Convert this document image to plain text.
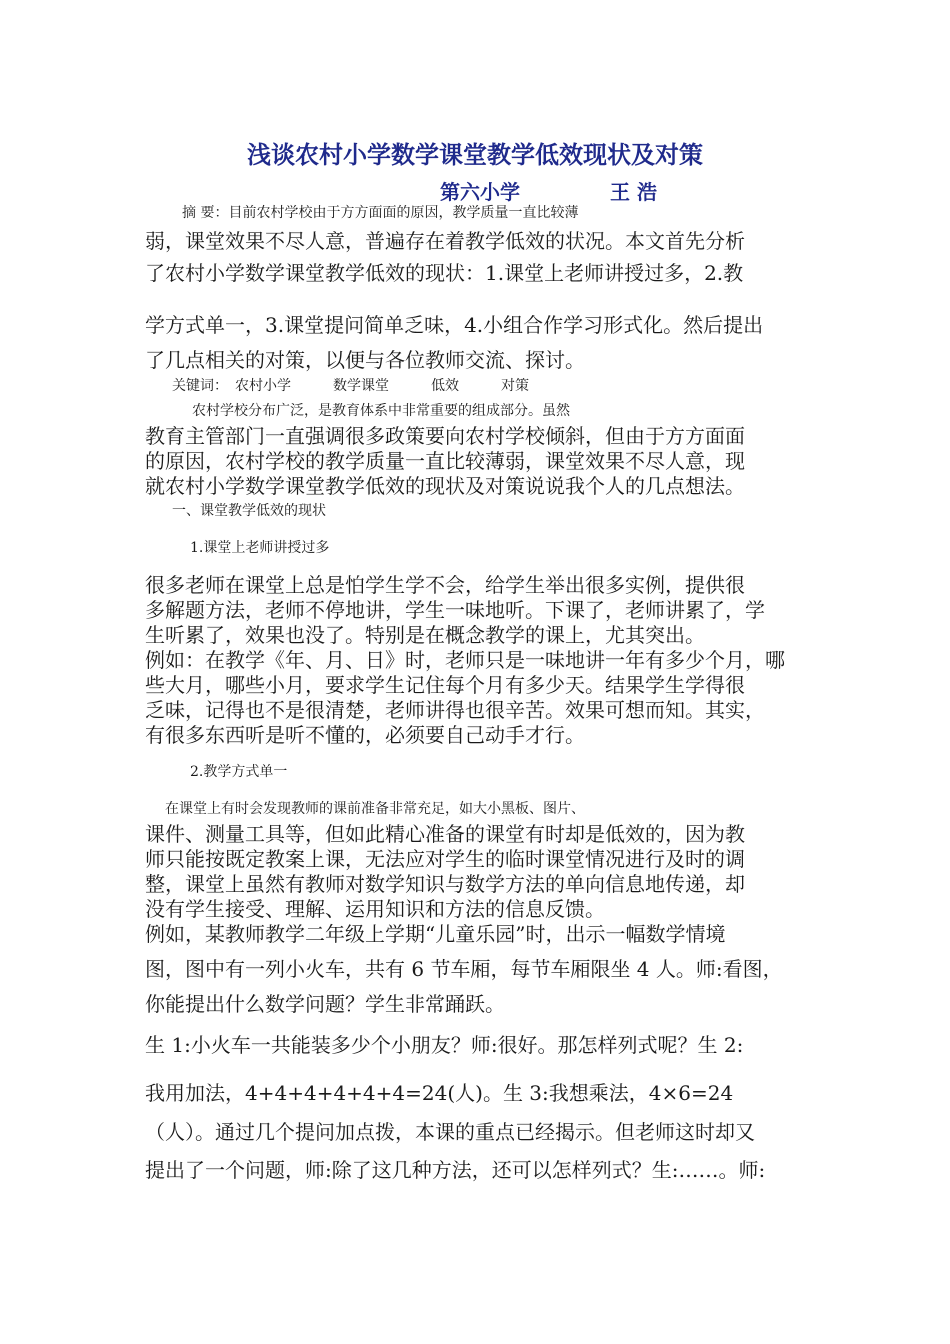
浅谈农村小学数学课堂教学低效现状及对策
第六小学	王 浩
　摘 要：目前农村学校由于方方面面的原因，教学质量一直比较薄
弱，课堂效果不尽人意，普遍存在着教学低效的状况。本文首先分析
了农村小学数学课堂教学低效的现状：1.课堂上老师讲授过多，2.教
学方式单一，3.课堂提问简单乏味，4.小组合作学习形式化。然后提出
了几点相关的对策，以便与各位教师交流、探讨。
关键词：　农村小学　　　数学课堂　　　低效　　　对策
　农村学校分布广泛，是教育体系中非常重要的组成部分。虽然
教育主管部门一直强调很多政策要向农村学校倾斜，但由于方方面面
的原因，农村学校的教学质量一直比较薄弱，课堂效果不尽人意，现
就农村小学数学课堂教学低效的现状及对策说说我个人的几点想法。
一、课堂教学低效的现状
1.课堂上老师讲授过多
很多老师在课堂上总是怕学生学不会，给学生举出很多实例，提供很
多解题方法，老师不停地讲，学生一味地听。下课了，老师讲累了，学
生听累了，效果也没了。特别是在概念教学的课上，尤其突出。
例如：在教学《年、月、日》时，老师只是一味地讲一年有多少个月，哪
些大月，哪些小月，要求学生记住每个月有多少天。结果学生学得很
乏味，记得也不是很清楚，老师讲得也很辛苦。效果可想而知。其实，
有很多东西听是听不懂的，必须要自己动手才行。
2.教学方式单一
在课堂上有时会发现教师的课前准备非常充足，如大小黑板、图片、
课件、测量工具等，但如此精心准备的课堂有时却是低效的，因为教
师只能按既定教案上课，无法应对学生的临时课堂情况进行及时的调
整，课堂上虽然有教师对数学知识与数学方法的单向信息地传递，却
没有学生接受、理解、运用知识和方法的信息反馈。
例如，某教师教学二年级上学期“儿童乐园”时，出示一幅数学情境
图，图中有一列小火车，共有 6 节车厢，每节车厢限坐 4 人。师:看图，
你能提出什么数学问题？学生非常踊跃。
生 1:小火车一共能装多少个小朋友？师:很好。那怎样列式呢？生 2:
我用加法，4+4+4+4+4+4=24(人)。生 3:我想乘法，4×6=24
（人）。通过几个提问加点拨，本课的重点已经揭示。但老师这时却又
提出了一个问题，师:除了这几种方法，还可以怎样列式？生:……。师:
